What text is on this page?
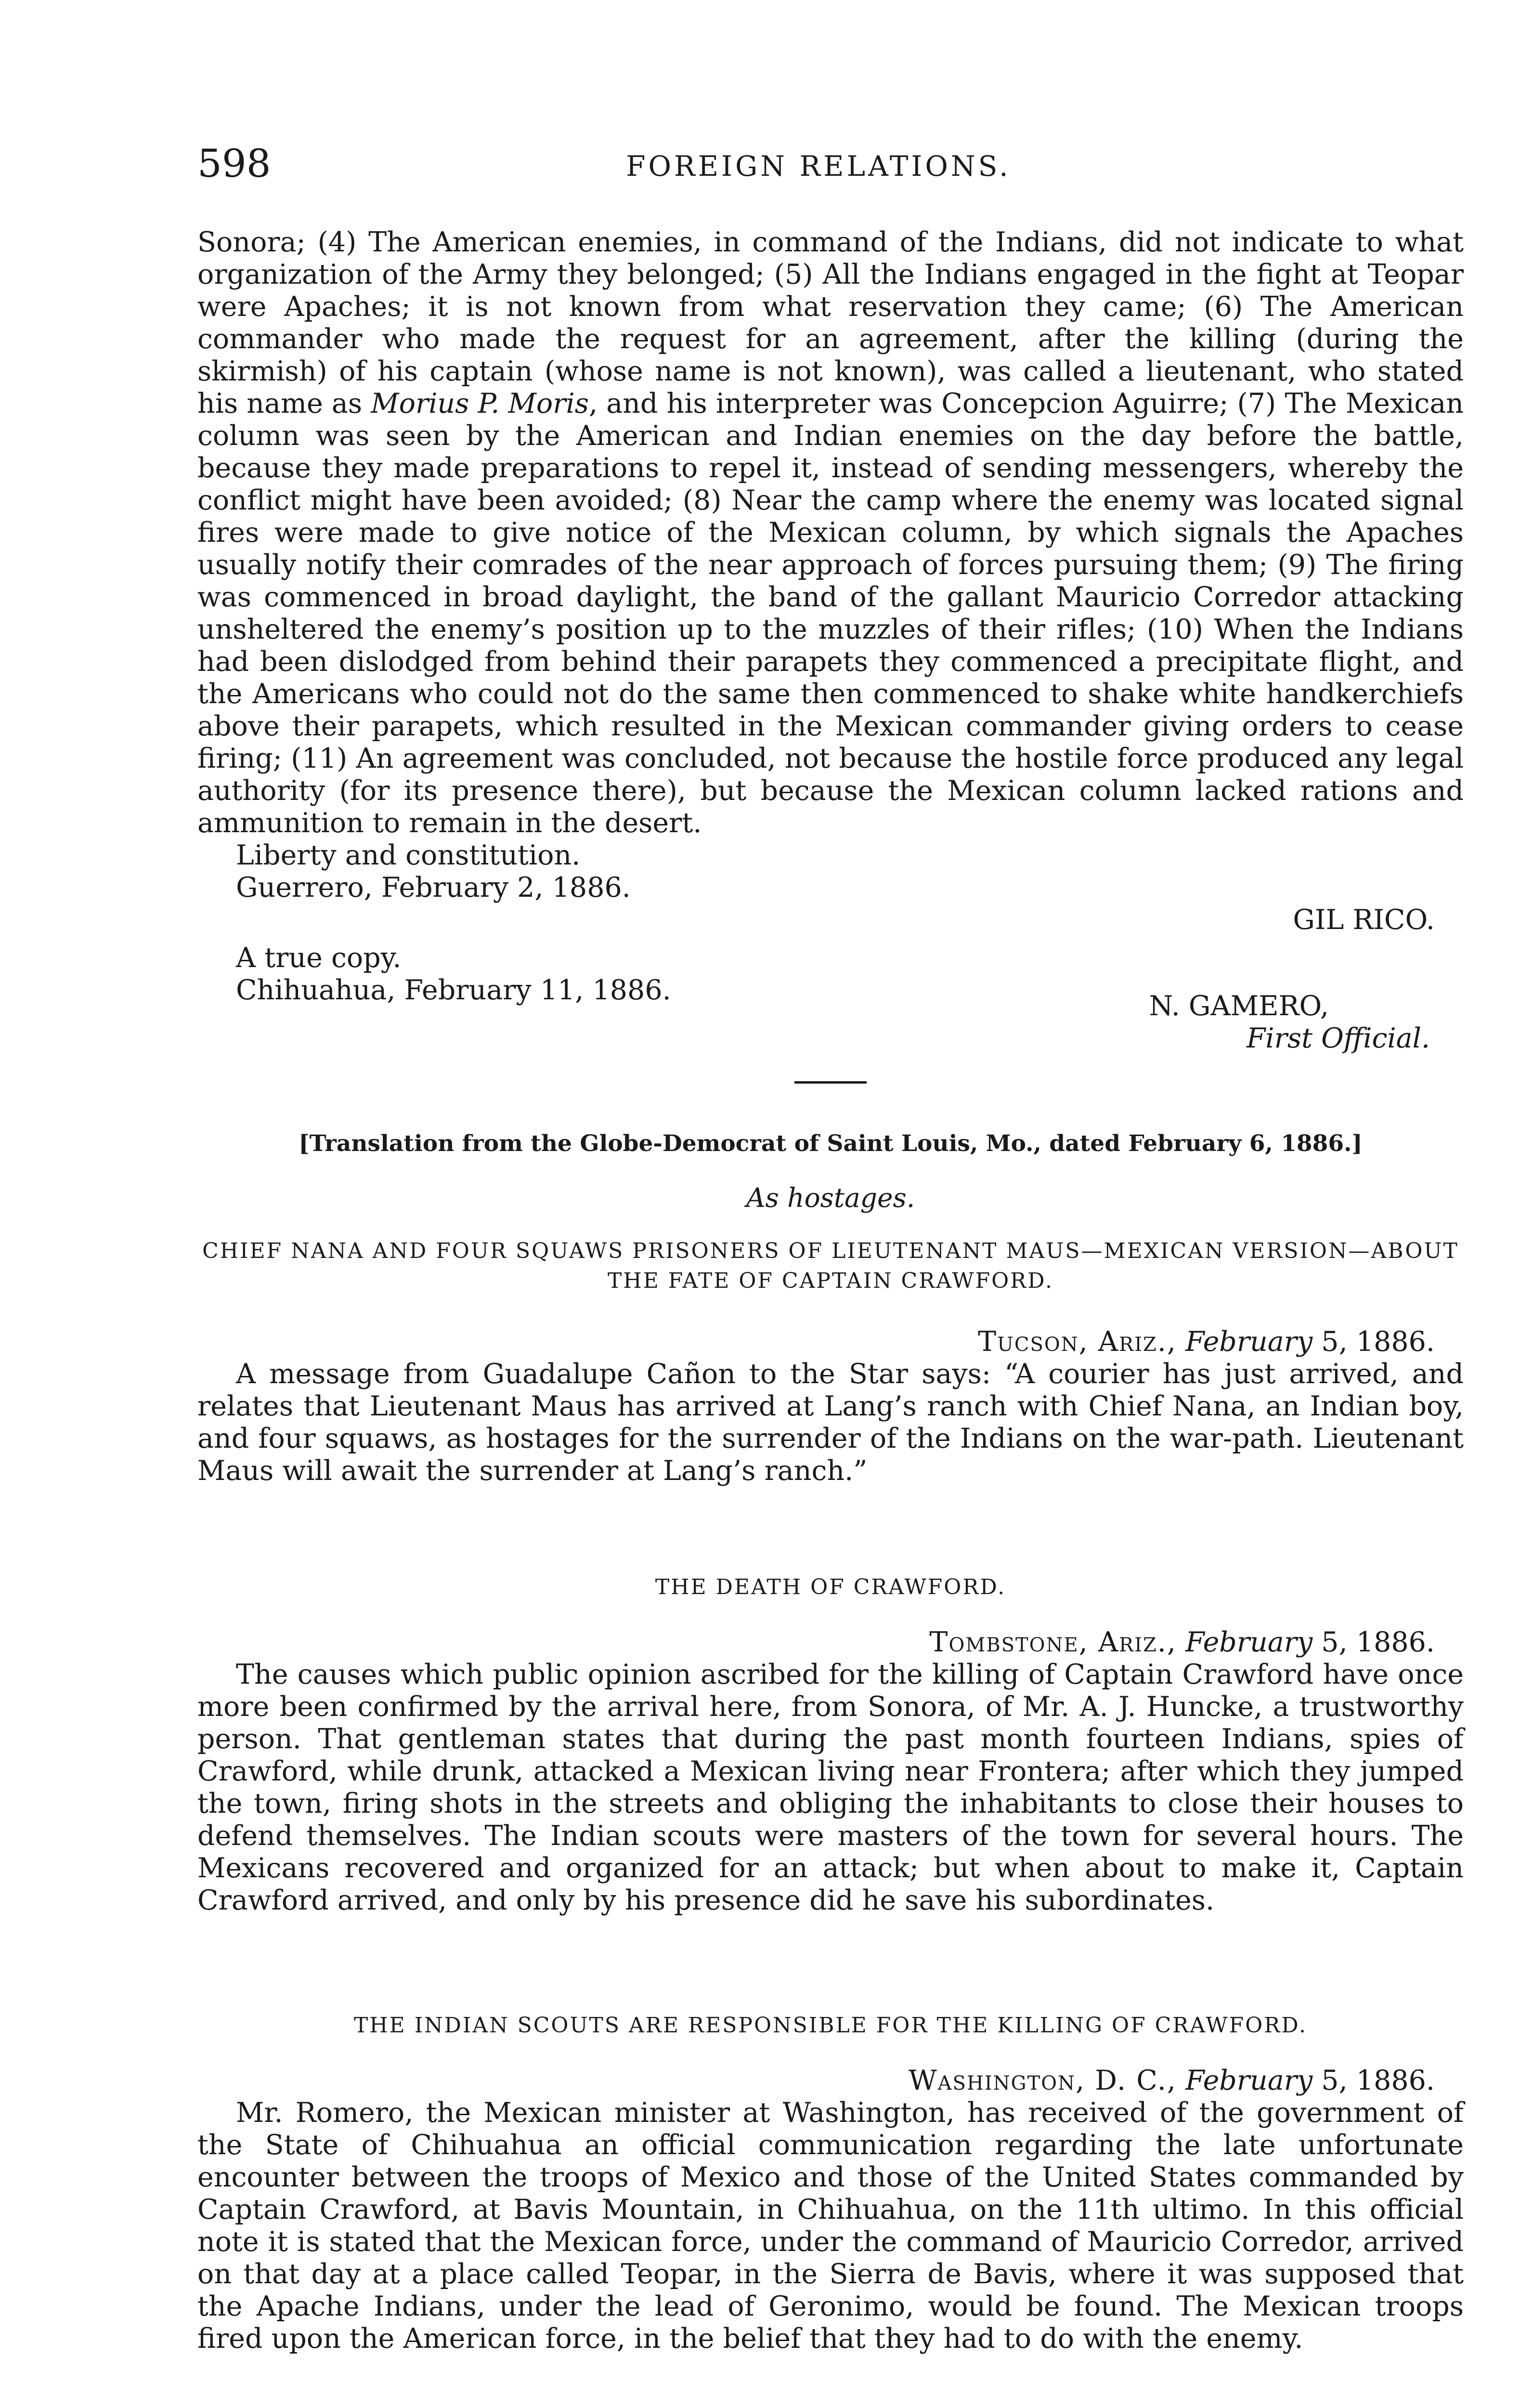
598	FOREIGN RELATIONS.

Sonora; (4) The American enemies, in command of the Indians, did not indicate to what organization of the Army they belonged; (5) All the Indians engaged in the fight at Teopar were Apaches; it is not known from what reservation they came; (6) The American commander who made the request for an agreement, after the killing (during the skirmish) of his captain (whose name is not known), was called a lieutenant, who stated his name as Morius P. Moris, and his interpreter was Concepcion Aguirre; (7) The Mexican column was seen by the American and Indian enemies on the day before the battle, because they made preparations to repel it, instead of sending messengers, whereby the conflict might have been avoided; (8) Near the camp where the enemy was located signal fires were made to give notice of the Mexican column, by which signals the Apaches usually notify their comrades of the near approach of forces pursuing them; (9) The firing was commenced in broad daylight, the band of the gallant Mauricio Corredor attacking unsheltered the enemy’s position up to the muzzles of their rifles; (10) When the Indians had been dislodged from behind their parapets they commenced a precipitate flight, and the Americans who could not do the same then commenced to shake white handkerchiefs above their parapets, which resulted in the Mexican commander giving orders to cease firing; (11) An agreement was concluded, not because the hostile force produced any legal authority (for its presence there), but because the Mexican column lacked rations and ammunition to remain in the desert.

Liberty and constitution.

Guerrero, February 2, 1886.

GIL RICO.

A true copy.

Chihuahua, February 11, 1886.	N. GAMERO,

First Official.

[Translation from the Globe-Democrat of Saint Louis, Mo., dated February 6, 1886.]

As hostages.

CHIEF NANA AND FOUR SQUAWS PRISONERS OF LIEUTENANT MAUS—MEXICAN VERSION—ABOUT THE FATE OF CAPTAIN CRAWFORD.

Tucson, Ariz., February 5, 1886.

A message from Guadalupe Cañon to the Star says: “A courier has just arrived, and relates that Lieutenant Maus has arrived at Lang’s ranch with Chief Nana, an Indian boy, and four squaws, as hostages for the surrender of the Indians on the war-path. Lieutenant Maus will await the surrender at Lang’s ranch.”

THE DEATH OF CRAWFORD.

Tombstone, Ariz., February 5, 1886.

The causes which public opinion ascribed for the killing of Captain Crawford have once more been confirmed by the arrival here, from Sonora, of Mr. A. J. Huncke, a trustworthy person. That gentleman states that during the past month fourteen Indians, spies of Crawford, while drunk, attacked a Mexican living near Frontera; after which they jumped the town, firing shots in the streets and obliging the inhabitants to close their houses to defend themselves. The Indian scouts were masters of the town for several hours. The Mexicans recovered and organized for an attack; but when about to make it, Captain Crawford arrived, and only by his presence did he save his subordinates.

THE INDIAN SCOUTS ARE RESPONSIBLE FOR THE KILLING OF CRAWFORD.

Washington, D. C., February 5, 1886.

Mr. Romero, the Mexican minister at Washington, has received of the government of the State of Chihuahua an official communication regarding the late unfortunate encounter between the troops of Mexico and those of the United States commanded by Captain Crawford, at Bavis Mountain, in Chihuahua, on the 11th ultimo. In this official note it is stated that the Mexican force, under the command of Mauricio Corredor, arrived on that day at a place called Teopar, in the Sierra de Bavis, where it was supposed that the Apache Indians, under the lead of Geronimo, would be found. The Mexican troops fired upon the American force, in the belief that they had to do with the enemy.
